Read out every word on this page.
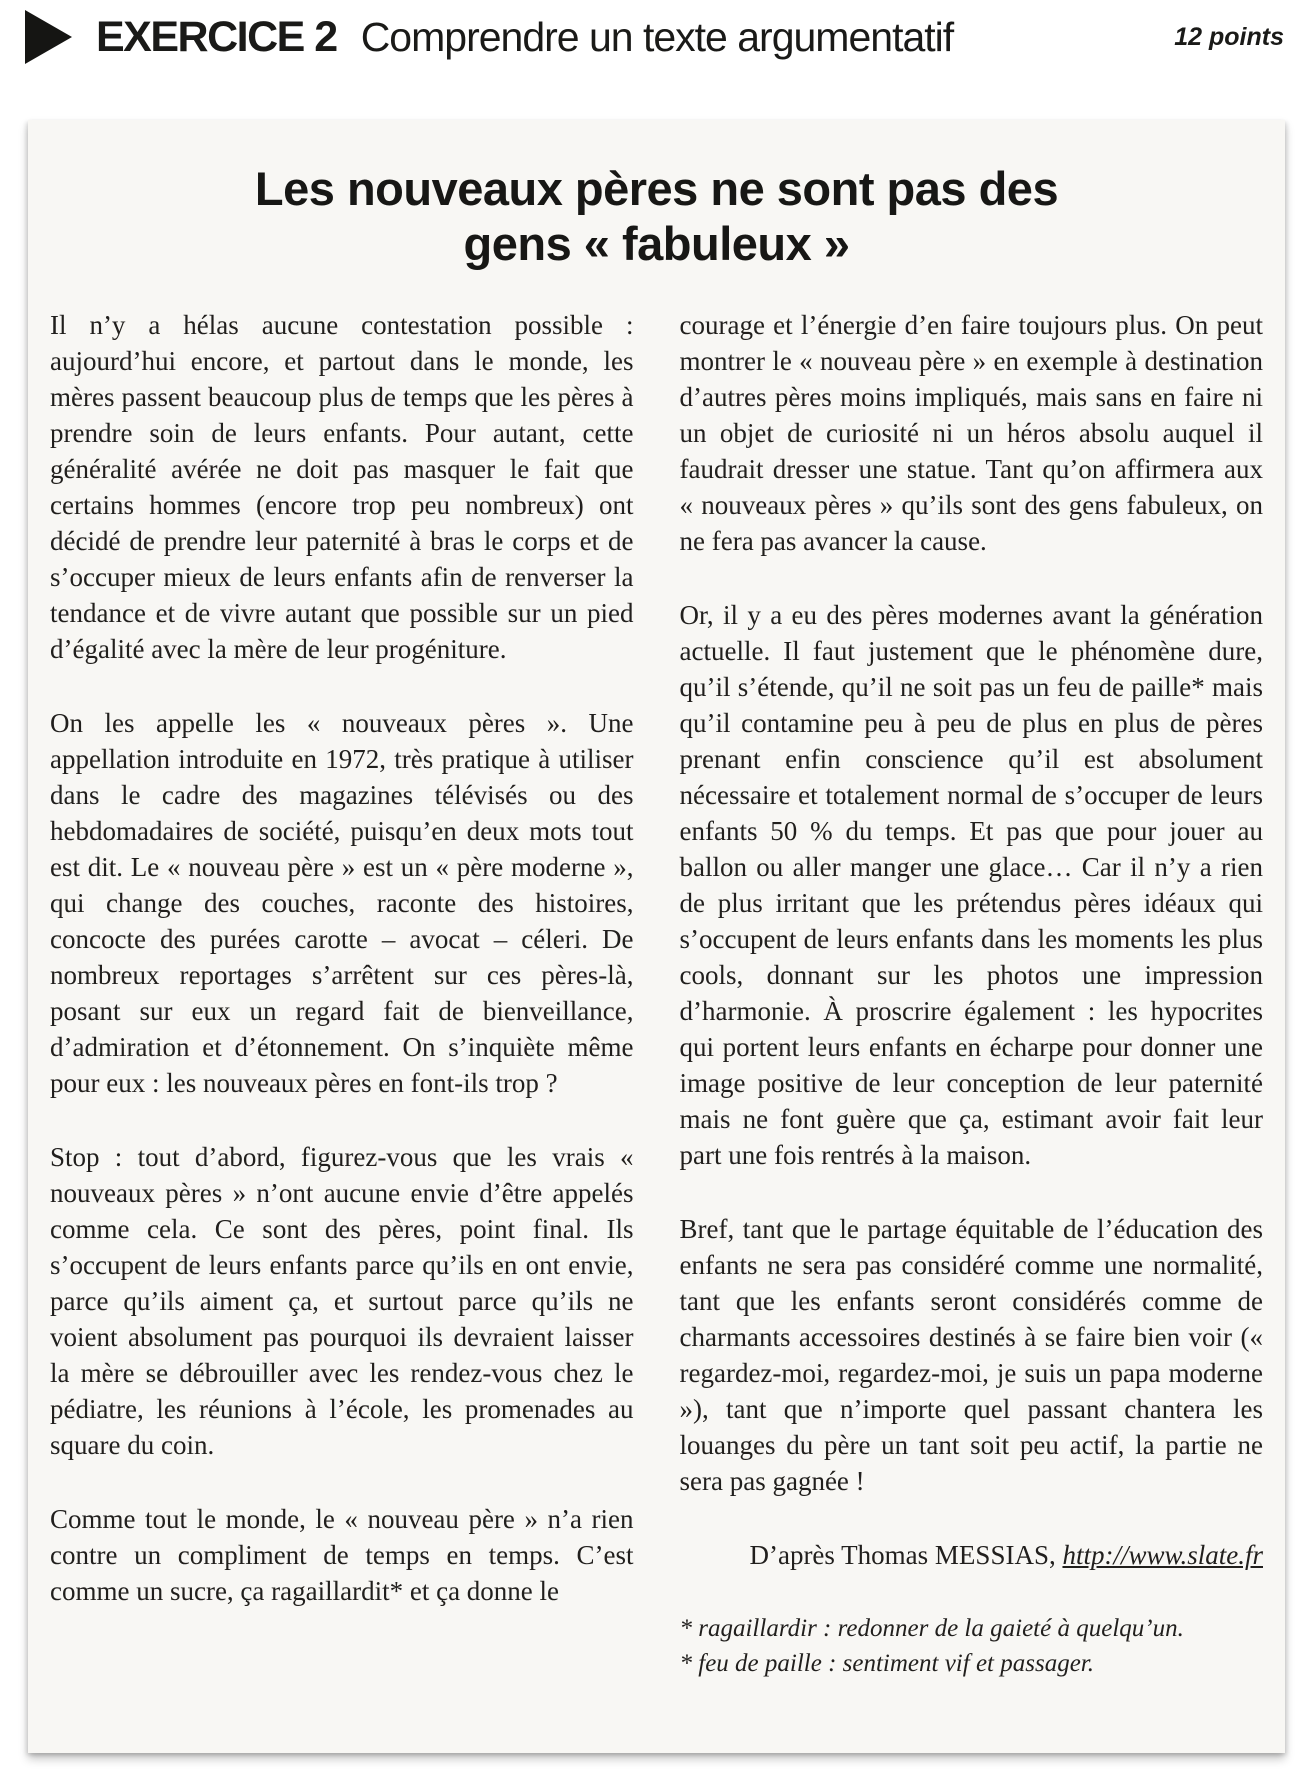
EXERCICE 2 Comprendre un texte argumentatif	12 points
Les nouveaux pères ne sont pas des
gens « fabuleux »

Il n’y a hélas aucune contestation possible : aujourd’hui encore, et partout dans le monde, les mères passent beaucoup plus de temps que les pères à prendre soin de leurs enfants. Pour autant, cette généralité avérée ne doit pas masquer le fait que certains hommes (encore trop peu nombreux) ont décidé de prendre leur paternité à bras le corps et de s’occuper mieux de leurs enfants afin de renverser la tendance et de vivre autant que possible sur un pied d’égalité avec la mère de leur progéniture.

On les appelle les « nouveaux pères ». Une appellation introduite en 1972, très pratique à utiliser dans le cadre des magazines télévisés ou des hebdomadaires de société, puisqu’en deux mots tout est dit. Le « nouveau père » est un « père moderne », qui change des couches, raconte des histoires, concocte des purées carotte – avocat – céleri. De nombreux reportages s’arrêtent sur ces pères-là, posant sur eux un regard fait de bienveillance, d’admiration et d’étonnement. On s’inquiète même pour eux : les nouveaux pères en font-ils trop ?

Stop : tout d’abord, figurez-vous que les vrais « nouveaux pères » n’ont aucune envie d’être appelés comme cela. Ce sont des pères, point final. Ils s’occupent de leurs enfants parce qu’ils en ont envie, parce qu’ils aiment ça, et surtout parce qu’ils ne voient absolument pas pourquoi ils devraient laisser la mère se débrouiller avec les rendez-vous chez le pédiatre, les réunions à l’école, les promenades au square du coin.

Comme tout le monde, le « nouveau père » n’a rien contre un compliment de temps en temps. C’est comme un sucre, ça ragaillardit* et ça donne le

courage et l’énergie d’en faire toujours plus. On peut montrer le « nouveau père » en exemple à destination d’autres pères moins impliqués, mais sans en faire ni un objet de curiosité ni un héros absolu auquel il faudrait dresser une statue. Tant qu’on affirmera aux « nouveaux pères » qu’ils sont des gens fabuleux, on ne fera pas avancer la cause.

Or, il y a eu des pères modernes avant la génération actuelle. Il faut justement que le phénomène dure, qu’il s’étende, qu’il ne soit pas un feu de paille* mais qu’il contamine peu à peu de plus en plus de pères prenant enfin conscience qu’il est absolument nécessaire et totalement normal de s’occuper de leurs enfants 50 % du temps. Et pas que pour jouer au ballon ou aller manger une glace… Car il n’y a rien de plus irritant que les prétendus pères idéaux qui s’occupent de leurs enfants dans les moments les plus cools, donnant sur les photos une impression d’harmonie. À proscrire également : les hypocrites qui portent leurs enfants en écharpe pour donner une image positive de leur conception de leur paternité mais ne font guère que ça, estimant avoir fait leur part une fois rentrés à la maison.

Bref, tant que le partage équitable de l’éducation des enfants ne sera pas considéré comme une normalité, tant que les enfants seront considérés comme de charmants accessoires destinés à se faire bien voir (« regardez-moi, regardez-moi, je suis un papa moderne »), tant que n’importe quel passant chantera les louanges du père un tant soit peu actif, la partie ne sera pas gagnée !

D’après Thomas MESSIAS, http://www.slate.fr

* ragaillardir : redonner de la gaieté à quelqu’un.

* feu de paille : sentiment vif et passager.
